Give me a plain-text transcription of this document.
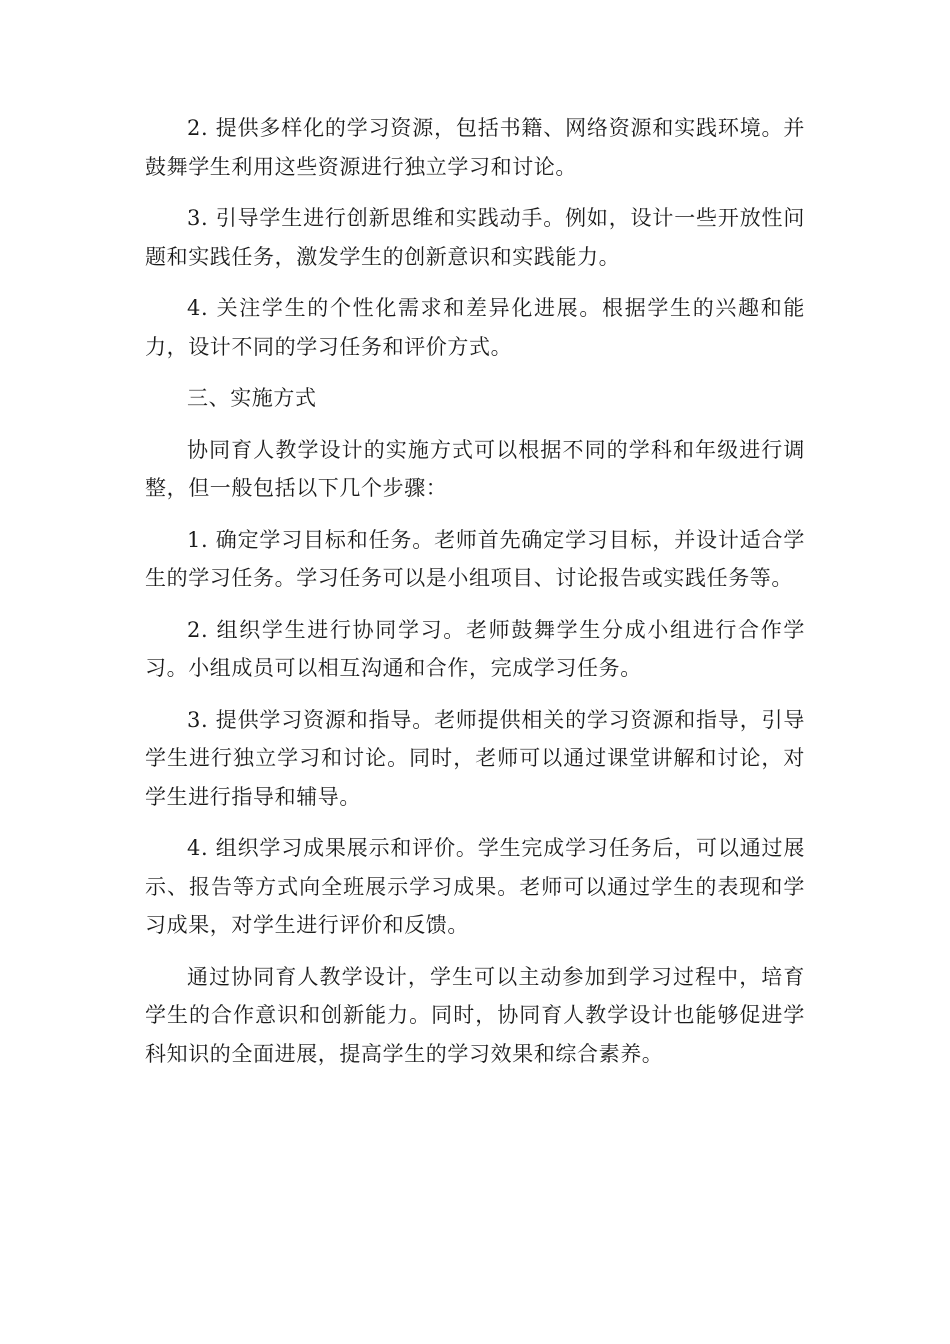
2. 提供多样化的学习资源，包括书籍、网络资源和实践环境。并鼓舞学生利用这些资源进行独立学习和讨论。

3. 引导学生进行创新思维和实践动手。例如，设计一些开放性问题和实践任务，激发学生的创新意识和实践能力。

4. 关注学生的个性化需求和差异化进展。根据学生的兴趣和能力，设计不同的学习任务和评价方式。

三、实施方式

协同育人教学设计的实施方式可以根据不同的学科和年级进行调整，但一般包括以下几个步骤：

1. 确定学习目标和任务。老师首先确定学习目标，并设计适合学生的学习任务。学习任务可以是小组项目、讨论报告或实践任务等。

2. 组织学生进行协同学习。老师鼓舞学生分成小组进行合作学习。小组成员可以相互沟通和合作，完成学习任务。

3. 提供学习资源和指导。老师提供相关的学习资源和指导，引导学生进行独立学习和讨论。同时，老师可以通过课堂讲解和讨论，对学生进行指导和辅导。

4. 组织学习成果展示和评价。学生完成学习任务后，可以通过展示、报告等方式向全班展示学习成果。老师可以通过学生的表现和学习成果，对学生进行评价和反馈。

通过协同育人教学设计，学生可以主动参加到学习过程中，培育学生的合作意识和创新能力。同时，协同育人教学设计也能够促进学科知识的全面进展，提高学生的学习效果和综合素养。
